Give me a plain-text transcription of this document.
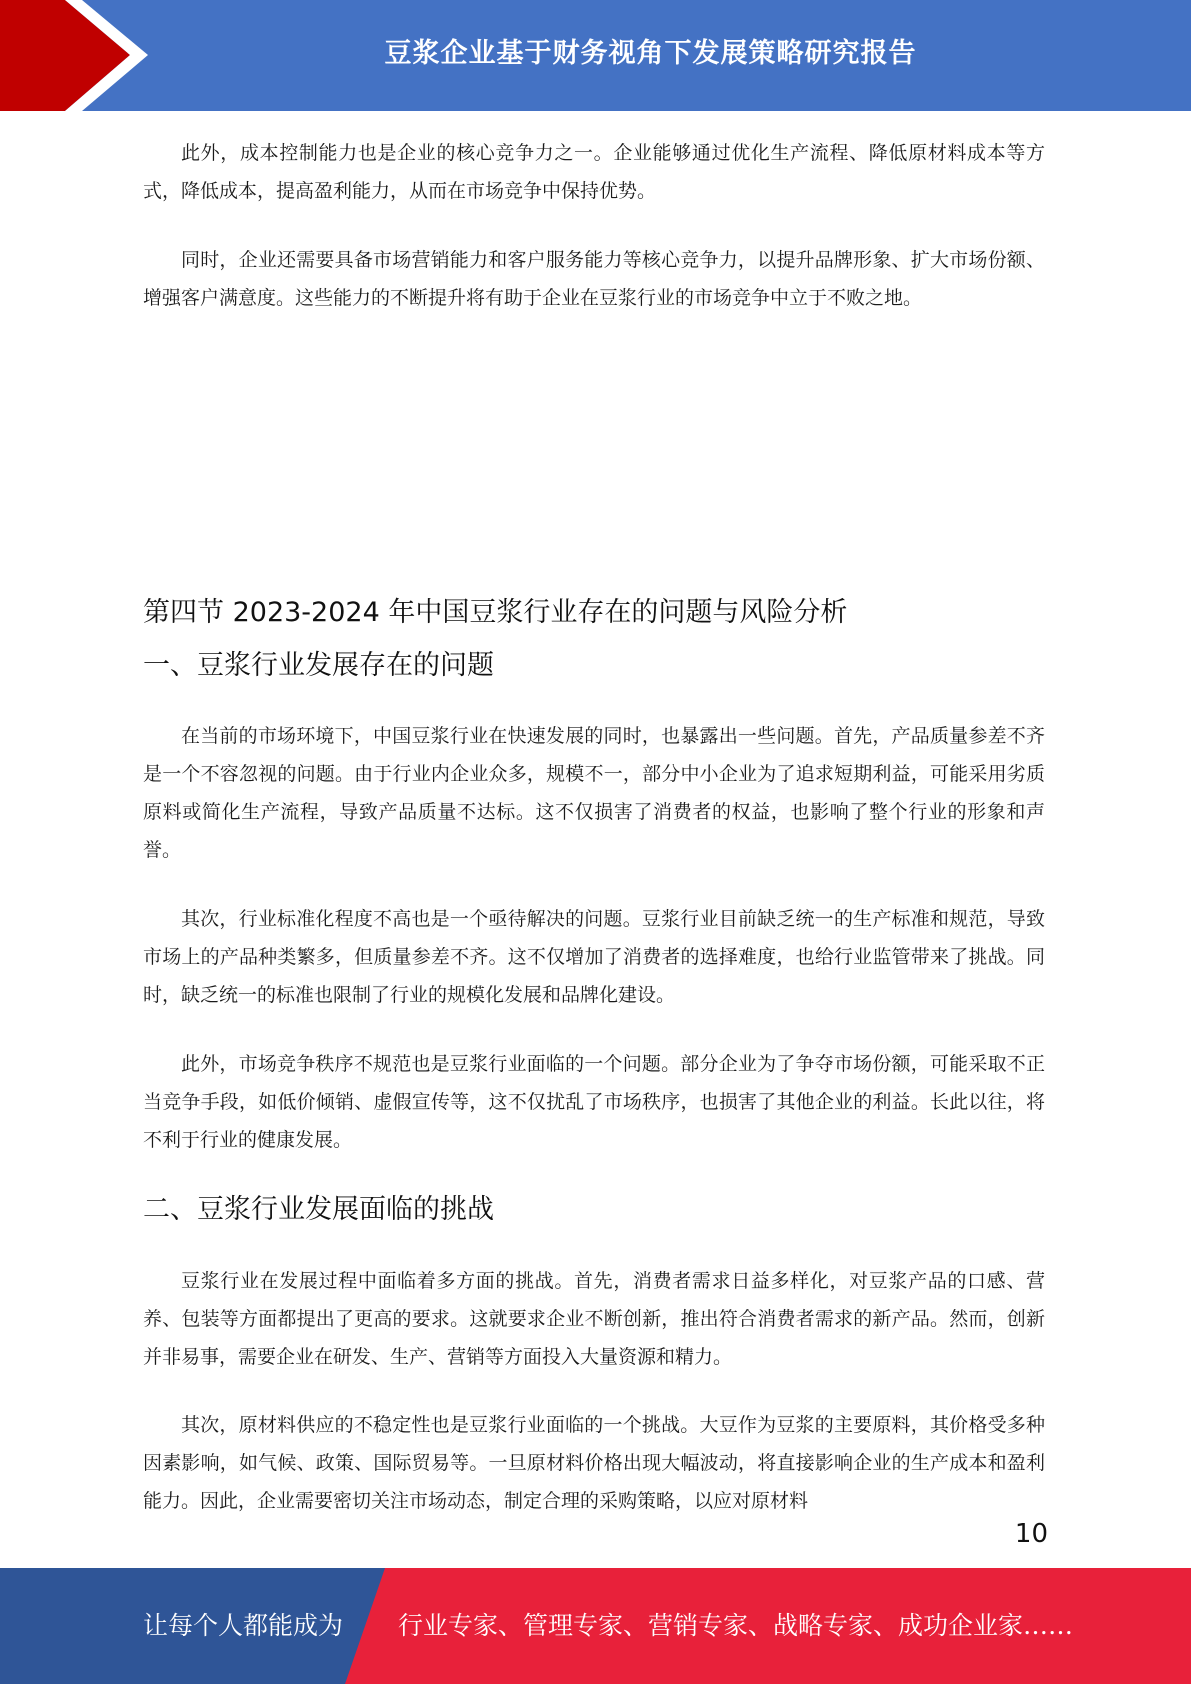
豆浆企业基于财务视角下发展策略研究报告

此外，成本控制能力也是企业的核心竞争力之一。企业能够通过优化生产流程、降低原材料成本等方式，降低成本，提高盈利能力，从而在市场竞争中保持优势。

同时，企业还需要具备市场营销能力和客户服务能力等核心竞争力，以提升品牌形象、扩大市场份额、增强客户满意度。这些能力的不断提升将有助于企业在豆浆行业的市场竞争中立于不败之地。

第四节 2023-2024 年中国豆浆行业存在的问题与风险分析
一、豆浆行业发展存在的问题

在当前的市场环境下，中国豆浆行业在快速发展的同时，也暴露出一些问题。首先，产品质量参差不齐是一个不容忽视的问题。由于行业内企业众多，规模不一，部分中小企业为了追求短期利益，可能采用劣质原料或简化生产流程，导致产品质量不达标。这不仅损害了消费者的权益，也影响了整个行业的形象和声誉。

其次，行业标准化程度不高也是一个亟待解决的问题。豆浆行业目前缺乏统一的生产标准和规范，导致市场上的产品种类繁多，但质量参差不齐。这不仅增加了消费者的选择难度，也给行业监管带来了挑战。同时，缺乏统一的标准也限制了行业的规模化发展和品牌化建设。

此外，市场竞争秩序不规范也是豆浆行业面临的一个问题。部分企业为了争夺市场份额，可能采取不正当竞争手段，如低价倾销、虚假宣传等，这不仅扰乱了市场秩序，也损害了其他企业的利益。长此以往，将不利于行业的健康发展。

二、豆浆行业发展面临的挑战

豆浆行业在发展过程中面临着多方面的挑战。首先，消费者需求日益多样化，对豆浆产品的口感、营养、包装等方面都提出了更高的要求。这就要求企业不断创新，推出符合消费者需求的新产品。然而，创新并非易事，需要企业在研发、生产、营销等方面投入大量资源和精力。

其次，原材料供应的不稳定性也是豆浆行业面临的一个挑战。大豆作为豆浆的主要原料，其价格受多种因素影响，如气候、政策、国际贸易等。一旦原材料价格出现大幅波动，将直接影响企业的生产成本和盈利能力。因此，企业需要密切关注市场动态，制定合理的采购策略，以应对原材料

10
让每个人都能成为 行业专家、管理专家、营销专家、战略专家、成功企业家……
